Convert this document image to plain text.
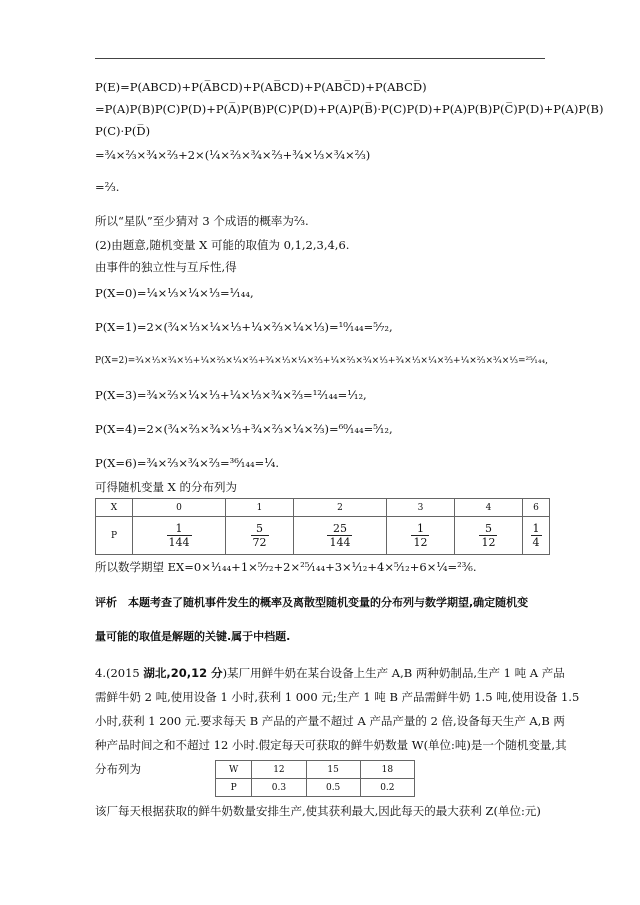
P(E)=P(ABCD)+P(A̅BCD)+P(AB̅CD)+P(ABC̅D)+P(ABCD̅)
=P(A)P(B)P(C)P(D)+P(A̅)P(B)P(C)P(D)+P(A)P(B̅)·P(C)P(D)+P(A)P(B)P(C̅)P(D)+P(A)P(B)
P(C)·P(D̅)
=³⁄₄×²⁄₃×³⁄₄×²⁄₃+2×(¹⁄₄×²⁄₃×³⁄₄×²⁄₃+³⁄₄×¹⁄₃×³⁄₄×²⁄₃)
=²⁄₃.
所以“星队”至少猜对 3 个成语的概率为²⁄₃.
(2)由题意,随机变量 X 可能的取值为 0,1,2,3,4,6.
由事件的独立性与互斥性,得
P(X=0)=¹⁄₄×¹⁄₃×¹⁄₄×¹⁄₃=¹⁄₁₄₄,
P(X=1)=2×(³⁄₄×¹⁄₃×¹⁄₄×¹⁄₃+¹⁄₄×²⁄₃×¹⁄₄×¹⁄₃)=¹⁰⁄₁₄₄=⁵⁄₇₂,
P(X=2)=³⁄₄×¹⁄₃×³⁄₄×¹⁄₃+¹⁄₄×²⁄₃×¹⁄₄×²⁄₃+³⁄₄×¹⁄₃×¹⁄₄×²⁄₃+¹⁄₄×²⁄₃×³⁄₄×¹⁄₃+³⁄₄×¹⁄₃×¹⁄₄×²⁄₃+¹⁄₄×²⁄₃×³⁄₄×¹⁄₃=²⁵⁄₁₄₄,
P(X=3)=³⁄₄×²⁄₃×¹⁄₄×¹⁄₃+¹⁄₄×¹⁄₃×³⁄₄×²⁄₃=¹²⁄₁₄₄=¹⁄₁₂,
P(X=4)=2×(³⁄₄×²⁄₃×³⁄₄×¹⁄₃+³⁄₄×²⁄₃×¹⁄₄×²⁄₃)=⁶⁰⁄₁₄₄=⁵⁄₁₂,
P(X=6)=³⁄₄×²⁄₃×³⁄₄×²⁄₃=³⁶⁄₁₄₄=¹⁄₄.
可得随机变量 X 的分布列为
X	0	1	2	3	4	6
P	$\frac{1}{144}$	$\frac{5}{72}$	$\frac{25}{144}$	$\frac{1}{12}$	$\frac{5}{12}$	$\frac{1}{4}$
所以数学期望 EX=0×¹⁄₁₄₄+1×⁵⁄₇₂+2×²⁵⁄₁₄₄+3×¹⁄₁₂+4×⁵⁄₁₂+6×¹⁄₄=²³⁄₆.
评析　本题考查了随机事件发生的概率及离散型随机变量的分布列与数学期望,确定随机变
量可能的取值是解题的关键.属于中档题.
4.(2015 湖北,20,12 分)某厂用鲜牛奶在某台设备上生产 A,B 两种奶制品,生产 1 吨 A 产品
需鲜牛奶 2 吨,使用设备 1 小时,获利 1 000 元;生产 1 吨 B 产品需鲜牛奶 1.5 吨,使用设备 1.5
小时,获利 1 200 元.要求每天 B 产品的产量不超过 A 产品产量的 2 倍,设备每天生产 A,B 两
种产品时间之和不超过 12 小时.假定每天可获取的鲜牛奶数量 W(单位:吨)是一个随机变量,其
分布列为	W	12	15	18
P	0.3	0.5	0.2
该厂每天根据获取的鲜牛奶数量安排生产,使其获利最大,因此每天的最大获利 Z(单位:元)
